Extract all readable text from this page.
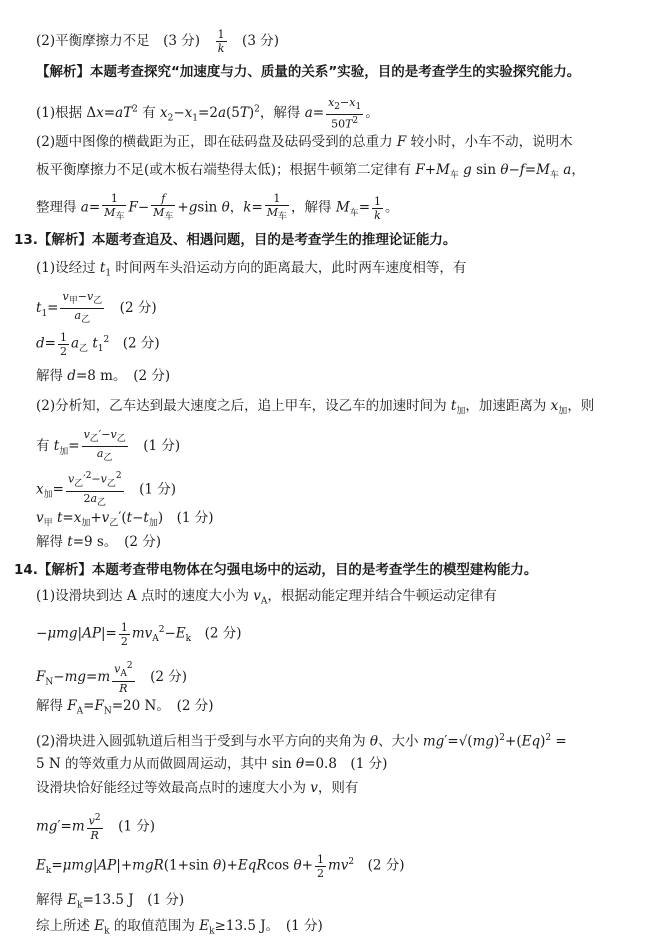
(2)平衡摩擦力不足　(3 分)　 $\frac{1}{k}$ 　(3 分)
【解析】本题考查探究“加速度与力、质量的关系”实验，目的是考查学生的实验探究能力。
(1)根据 $\Delta x=aT^2$ 有 $x_2-x_1=2a(5T)^2$，解得 $a= \frac{x_2-x_1}{50T^2}$ 。
(2)题中图像的横截距为正，即在砝码盘及砝码受到的总重力 F 较小时，小车不动，说明木
板平衡摩擦力不足(或木板右端垫得太低)；根据牛顿第二定律有 $F+M_车$ g $\sin \theta-f=M_车$ a，
整理得 $a= \frac{1}{M_车} F- \frac{f}{M_车} +gsin$ θ，$k= \frac{1}{M_车}$ ，解得 $M_车= \frac{1}{k}$ 。
13.【解析】本题考查追及、相遇问题，目的是考查学生的推理论证能力。
(1)设经过 $t_1$ 时间两车头沿运动方向的距离最大，此时两车速度相等，有
$t_1= \frac{v_甲-v_乙}{a_乙}$ 　(2 分)
$d= \frac{1}{2} a_乙$ $t_1^2$　(2 分)
解得 d=8 m。　(2 分)
(2)分析知，乙车达到最大速度之后，追上甲车，设乙车的加速时间为 $t_加$，加速距离为 $x_加$，则
有 $t_加= \frac{v_乙'-v_乙}{a_乙}$ 　(1 分)
$x_加= \frac{v_乙'^2-v_乙^2}{2a_乙}$ 　(1 分)
$v_甲$ $t=x_加+v_乙'(t-t_加)$　(1 分)
解得 t=9 s。　(2 分)
14.【解析】本题考查带电物体在匀强电场中的运动，目的是考查学生的模型建构能力。
(1)设滑块到达 A 点时的速度大小为 $v_A$，根据动能定理并结合牛顿运动定律有
$-\mu mg|AP|= \frac{1}{2} mv_A^2-E_k$　(2 分)
$F_N-mg=m \frac{v_A^2}{R}$ 　(2 分)
解得 $F_A=F_N=20$ N。　(2 分)
(2)滑块进入圆弧轨道后相当于受到与水平方向的夹角为 θ、大小 $mg'=√(mg)^2+(Eq)^2$ =
5 N 的等效重力从而做圆周运动，其中 sin θ=0.8　(1 分)
设滑块恰好能经过等效最高点时的速度大小为 v，则有
$mg'=m \frac{v^2}{R}$ 　(1 分)
$E_k=\mu mg|AP|+mgR(1+\sin$ θ)+EqRcos $\theta+ \frac{1}{2} mv^2$　(2 分)
解得 $E_k=13.5$ J　(1 分)
综上所述 $E_k$ 的取值范围为 $E_k\ge 13.5$ J。　(1 分)
